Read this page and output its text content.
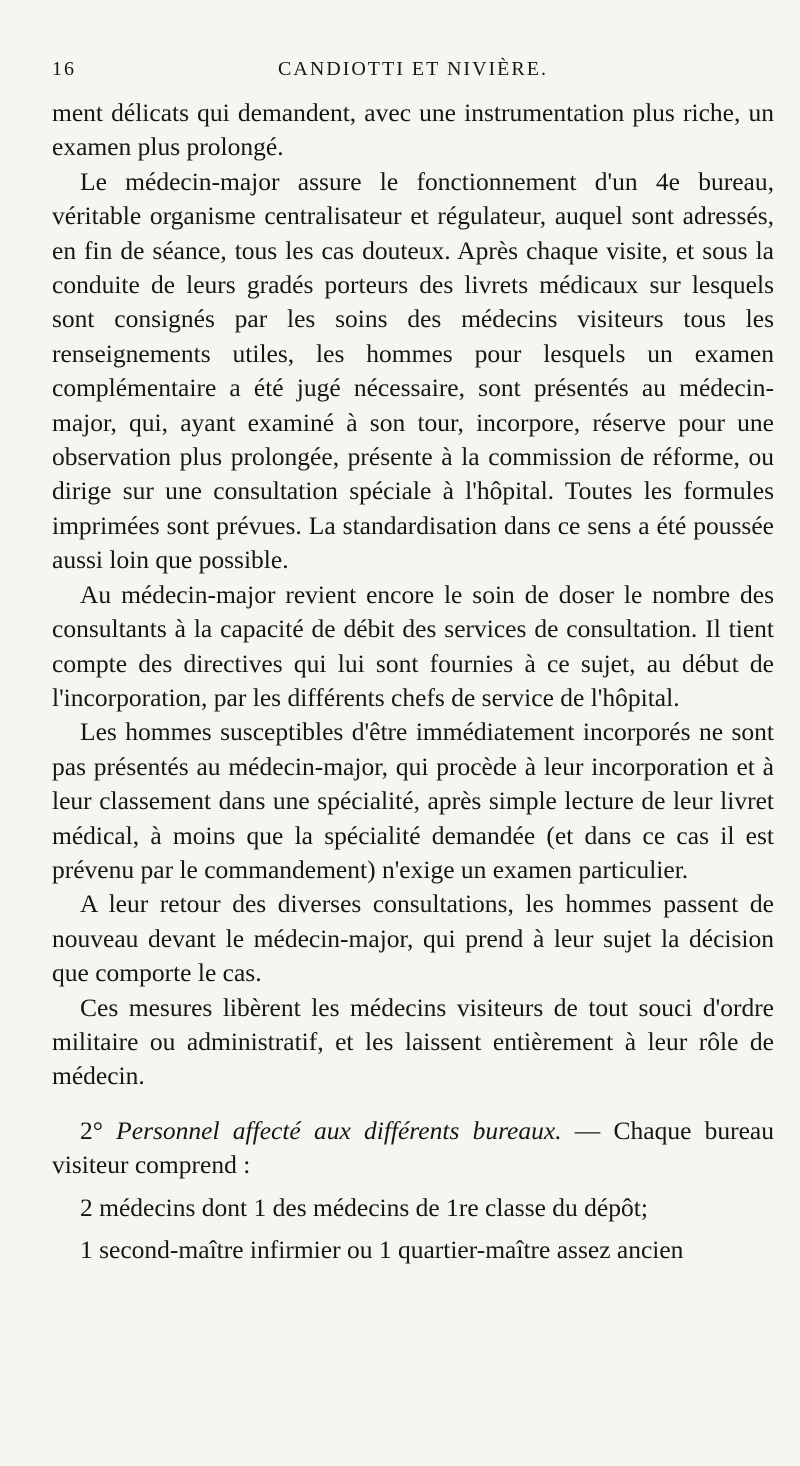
16	CANDIOTTI ET NIVIÈRE.

ment délicats qui demandent, avec une instrumentation plus riche, un examen plus prolongé.

Le médecin-major assure le fonctionnement d'un 4e bureau, véritable organisme centralisateur et régulateur, auquel sont adressés, en fin de séance, tous les cas douteux. Après chaque visite, et sous la conduite de leurs gradés porteurs des livrets médicaux sur lesquels sont consignés par les soins des médecins visiteurs tous les renseignements utiles, les hommes pour lesquels un examen complémentaire a été jugé nécessaire, sont présentés au médecin-major, qui, ayant examiné à son tour, incorpore, réserve pour une observation plus prolongée, présente à la commission de réforme, ou dirige sur une consultation spéciale à l'hôpital. Toutes les formules imprimées sont prévues. La standardisation dans ce sens a été poussée aussi loin que possible.

Au médecin-major revient encore le soin de doser le nombre des consultants à la capacité de débit des services de consultation. Il tient compte des directives qui lui sont fournies à ce sujet, au début de l'incorporation, par les différents chefs de service de l'hôpital.

Les hommes susceptibles d'être immédiatement incorporés ne sont pas présentés au médecin-major, qui procède à leur incorporation et à leur classement dans une spécialité, après simple lecture de leur livret médical, à moins que la spécialité demandée (et dans ce cas il est prévenu par le commandement) n'exige un examen particulier.

A leur retour des diverses consultations, les hommes passent de nouveau devant le médecin-major, qui prend à leur sujet la décision que comporte le cas.

Ces mesures libèrent les médecins visiteurs de tout souci d'ordre militaire ou administratif, et les laissent entièrement à leur rôle de médecin.

2° Personnel affecté aux différents bureaux. — Chaque bureau visiteur comprend :

2 médecins dont 1 des médecins de 1re classe du dépôt;

1 second-maître infirmier ou 1 quartier-maître assez ancien
